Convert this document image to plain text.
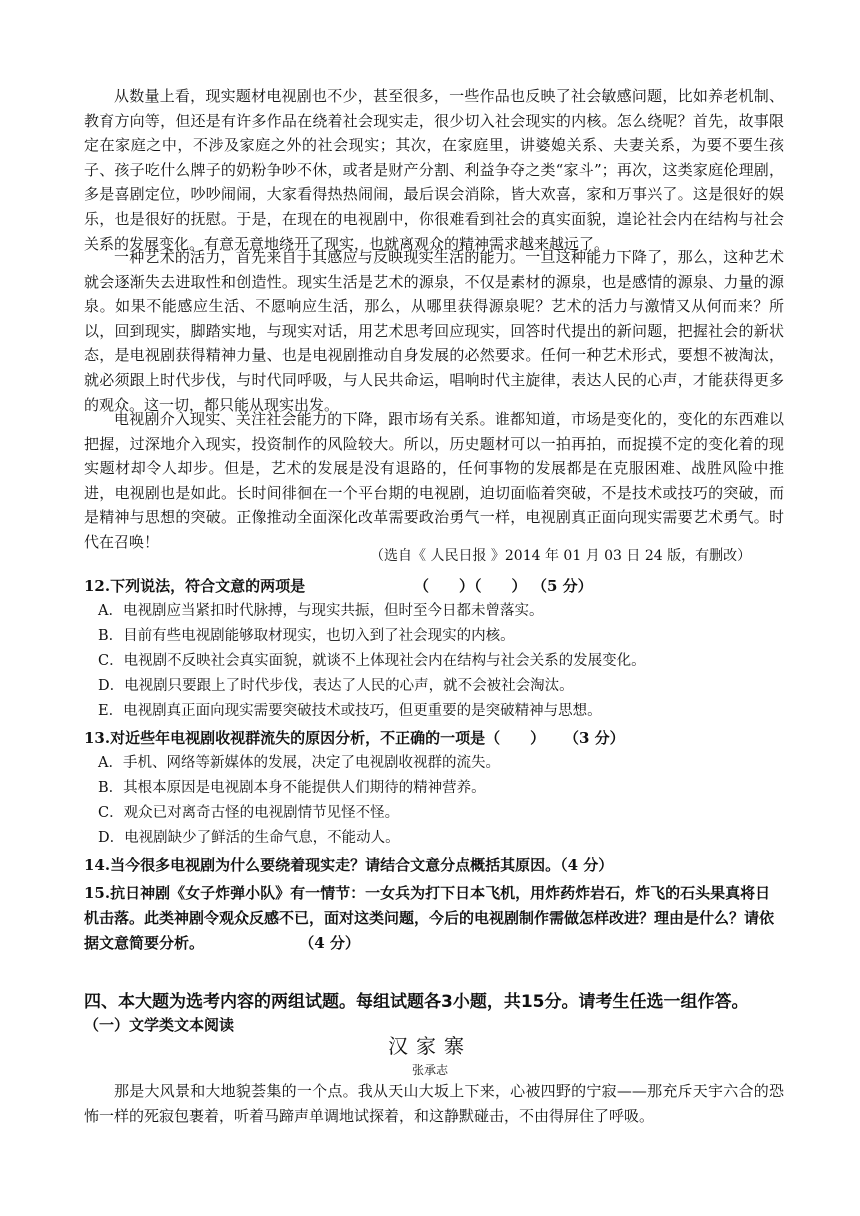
从数量上看，现实题材电视剧也不少，甚至很多，一些作品也反映了社会敏感问题，比如养老机制、教育方向等，但还是有许多作品在绕着社会现实走，很少切入社会现实的内核。怎么绕呢？首先，故事限定在家庭之中，不涉及家庭之外的社会现实；其次，在家庭里，讲婆媳关系、夫妻关系，为要不要生孩子、孩子吃什么牌子的奶粉争吵不休，或者是财产分割、利益争夺之类“家斗”；再次，这类家庭伦理剧，多是喜剧定位，吵吵闹闹，大家看得热热闹闹，最后误会消除，皆大欢喜，家和万事兴了。这是很好的娱乐，也是很好的抚慰。于是，在现在的电视剧中，你很难看到社会的真实面貌，遑论社会内在结构与社会关系的发展变化。有意无意地绕开了现实，也就离观众的精神需求越来越远了。

一种艺术的活力，首先来自于其感应与反映现实生活的能力。一旦这种能力下降了，那么，这种艺术就会逐渐失去进取性和创造性。现实生活是艺术的源泉，不仅是素材的源泉，也是感情的源泉、力量的源泉。如果不能感应生活、不愿响应生活，那么，从哪里获得源泉呢？艺术的活力与激情又从何而来？所以，回到现实，脚踏实地，与现实对话，用艺术思考回应现实，回答时代提出的新问题，把握社会的新状态，是电视剧获得精神力量、也是电视剧推动自身发展的必然要求。任何一种艺术形式，要想不被淘汰，就必须跟上时代步伐，与时代同呼吸，与人民共命运，唱响时代主旋律，表达人民的心声，才能获得更多的观众。这一切，都只能从现实出发。

电视剧介入现实、关注社会能力的下降，跟市场有关系。谁都知道，市场是变化的，变化的东西难以把握，过深地介入现实，投资制作的风险较大。所以，历史题材可以一拍再拍，而捉摸不定的变化着的现实题材却令人却步。但是，艺术的发展是没有退路的，任何事物的发展都是在克服困难、战胜风险中推进，电视剧也是如此。长时间徘徊在一个平台期的电视剧，迫切面临着突破，不是技术或技巧的突破，而是精神与思想的突破。正像推动全面深化改革需要政治勇气一样，电视剧真正面向现实需要艺术勇气。时代在召唤！

（选自《 人民日报 》2014 年 01 月 03 日 24 版，有删改）
12.下列说法，符合文意的两项是	（　　）（　　） （5 分）

A．电视剧应当紧扣时代脉搏，与现实共振，但时至今日都未曾落实。

B．目前有些电视剧能够取材现实，也切入到了社会现实的内核。

C．电视剧不反映社会真实面貌，就谈不上体现社会内在结构与社会关系的发展变化。

D．电视剧只要跟上了时代步伐，表达了人民的心声，就不会被社会淘汰。

E．电视剧真正面向现实需要突破技术或技巧，但更重要的是突破精神与思想。

13.对近些年电视剧收视群流失的原因分析，不正确的一项是（　　） （3 分）

A．手机、网络等新媒体的发展，决定了电视剧收视群的流失。

B．其根本原因是电视剧本身不能提供人们期待的精神营养。

C．观众已对离奇古怪的电视剧情节见怪不怪。

D．电视剧缺少了鲜活的生命气息，不能动人。

14.当今很多电视剧为什么要绕着现实走？请结合文意分点概括其原因。（4 分）

15.抗日神剧《女子炸弹小队》有一情节：一女兵为打下日本飞机，用炸药炸岩石，炸飞的石头果真将日机击落。此类神剧令观众反感不已，面对这类问题，今后的电视剧制作需做怎样改进？理由是什么？请依据文意简要分析。	（4 分）

四、本大题为选考内容的两组试题。每组试题各3小题，共15分。请考生任选一组作答。
（一）文学类文本阅读
汉家寨
张承志

那是大风景和大地貌荟集的一个点。我从天山大坂上下来，心被四野的宁寂——那充斥天宇六合的恐怖一样的死寂包裹着，听着马蹄声单调地试探着，和这静默碰击，不由得屏住了呼吸。
